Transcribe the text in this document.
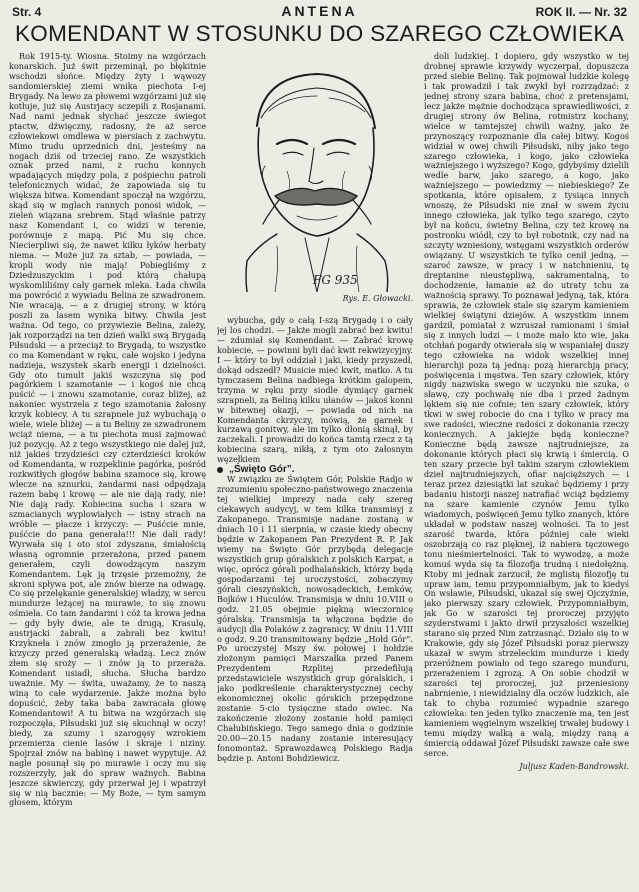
Str. 4	ANTENA	ROK II. — Nr. 32
KOMENDANT W STOSUNKU DO SZAREGO CZŁOWIEKA

Rok 1915-ty. Wiosna. Stoimy na wzgórzach konarskich. Już świt przeminął, po błękitnie wschodzi słońce. Między żyty i wąwozy sandomierskiej ziemi wnika piechota I-ej Brygady. Na lewo za płowemi wzgórzami już się kotłuje, już się Austrjacy sczepili z Rosjanami. Nad nami jednak słychać jeszcze świegot ptactw, dźwięczny, radosny, że aż serce człowiekowi omdlewa w piersiach z zachwytu. Mimo trudu uprzednich dni, jesteśmy na nogach dziś od trzeciej rano. Ze wszystkich oznak przed nami, z ruchu konnych wpadających między pola, z pośpiechu patroli telefonicznych widać, że zapowiada się tu większa bitwa. Komendant spoczął na wzgórzu, skąd się w mglach rannych ponosi widok, — zieleń wiązana srebrem. Stąd właśnie patrzy nasz Komendant i, co widzi w terenie, porównuje z mapą. Pić Mu się chce. Niecierpliwi się, że nawet kilku łyków herbaty niema. — Może już za sztab, — powiada, — kropli wody nie mają! Pobiegliśmy z Dziedzuszyckim i pod którą chałupą wyskomliliśmy cały garnek mleka. Łada chwila ma powrócić z wywiadu Belina ze szwadronem. Nie wracają, — a z drugiej strony, w którą poszli za lasem wynika bitwy. Chwila jest ważna. Od tego, co przywiezie Belina, zależy, jak rozporządzi na ten dzień walki swą Brygadą Piłsudski — a przeciąż to Brygadą, to wszystko co ma Komendant w ręku, całe wojsko i jedyna nadzieja, wszystek skarb energji i dzielności. Gdy oto tumult jakiś wszczyna się pod pagórkiem i szamotanie — i kogoś nie chcą puścić — i znowu szamotanie, coraz bliżej, aż nakoniec wystrzela z tego szamotania żałosny krzyk kobiecy. A tu szrapnele już wybuchają o wiele, wiele bliżej — a tu Beliny ze szwadronem wciąż niema, — a tu piechota musi zajmować już pozycję. Aż z tego wszystkiego nie dalej już, niż jakieś trzydzieści czy czterdzieści kroków od Komendanta, w rozpeklinie pagórka, pośród rozkwitłych głogów babina szamoce się, krowę wlecze na sznurku, żandarmi nasi odpędzają razem babę i krowę — ale nie dają rady, nie! Nie dają rady. Kobiecina sucha i szara w szmacianych wyplowiałych — istny strach na wróble — płacze i krzyczy: — Puśćcie mnie, puśćcie do pana generała!!! Nie dali rady! Wyrwała się i oto stoi zdyszana, śmiałością własną ogromnie przerażona, przed panem generałem, czyli dowodzącym naszym Komendantem. Lęk ją trzęsie przemożny, że skroni spływa pot, ale znów bierze na odwagę. Co się przelękanie generalskiej władzy, w sercu mundurze leżącej na murawie, to się znowu ośmiela. Co tam żandarmi i cóż ta krowa jedna — gdy były dwie, ale te drugą, Krasulę, austrjacki żabrali, a zabrali bez kwitu! Krzykneła i znów zmogło ją przerażenie, że krzyczy przed generalską władzą. Lecz znów złem się sroży — i znów ją to przeraża. Komendant usiadł, słucha. Słucha bardzo uważnie. My — świta, uważamy, że to naszą winą to całe wydarzenie. Jakże można było dopuścić, żeby taka baba zawracała głowę Komendantowi! A tu bitwa na wzgórzach się rozpoczęła, Piłsudski już się skuchnął w oczy! biedy, za szumy i szarogęsy wzrokiem przemierza cienie lasów i skraje i niziny. Spojrzał znów na babinę i nawet wypytuje. Aż nagle posunął się po murawie i oczy mu się rozszerzyły, jak do spraw ważnych. Babina jeszcze skwierczy, gdy przerwał jej i wpatrzył się w nią bacznie: — My Boże, — tym samym głosem, którym

FG 935
Rys. E. Głowacki.

wybucha, gdy o całą I-szą Brygadę i o cały jej los chodzi. — Jakże mogli zabrać bez kwitu! — zdumiał się Komendant. — Zabrać krowę kobiecie, — powinni byli dać kwit rekwizycyjny. I — który to był oddział i jaki, kiedy przyszedł, dokąd odszedł? Musicie mieć kwit, matko. A tu tymczasem Belina nadbiega krótkim galopem, trzyma w ręku przy siodle dymiący garnek szrapneli, za Beliną kilku ułanów — jakoś konni w bitewnej okazji, — powiada od nich na Komendanta ckrzyczy, mówią, że garnek i kurzawą gonitwy, ale im tylko dłonią skinął, by zaczekali. I prowadzi do końca tamtą rzecz z tą kobiecina szarą, nikłą, z tym oto żałosnym węzełkiem

„Święto Gór”.

W związku ze Świętem Gór, Polskie Radjo w zrozumieniu społeczno-państwowego znaczenia tej wielkiej imprezy nada cały szereg ciekawych audycyj, w tem kilka transmisyj z Zakopanego. Transmisje nadane zostaną w dniach 10 i 11 sierpnia, w czasie kiedy obecny będzie w Zakopanem Pan Prezydent R. P. Jak wiemy na Święto Gór przybędą delegacje wszystkich grup góralskich z polskich Karpat, a więc, oprócz górali podhalańskich, którzy będą gospodarzami tej uroczystości, zobaczymy górali cieszyńskich, nowosądeckich, Łemków, Bojków i Huculów. Transmisja w dniu 10.VIII o godz. 21.05 obejmie piękną wieczornicę góralską. Transmisja ta włączona będzie do audycji dla Polaków z zagranicy. W dniu 11.VIII o godz. 9.20 transmitowany będzie „Hołd Gór”. Po uroczystej Mszy św. połowej i hołdzie złożonym pamięci Marszałka przed Panem Prezydentem Rzplitej przedefilują przedstawiciele wszystkich grup góralskich, i jako podkreślenie charakterystycznej cechy ekonomicznej okolic górskich przepędzone zostanie 5-cio tysięczne stado owiec. Na zakończenie złożony zostanie hołd pamięci Chałubińskiego. Tego samego dnia o godzinie 20.00—20.15 nadany zostanie interesujący fonomontaż. Sprawozdawcą Polskiego Radja będzie p. Antoni Bohdziewicz.

doli ludzkiej. I dopiero, gdy wszystko w tej drobnej sprawie krzywdy wyczerpał, dopuszcza przed siebie Belinę. Tak pojmował ludzkie kolegę i tak prowadził i tak zwykł był rozrządzać: z jednej strony szara babina, choć z pretensjami, lecz jakże mężnie dochodząca sprawiedliwości, z drugiej strony ów Belina, rotmistrz kochany, wielce w tamtejszej chwili ważny, jako że przynoszący rozpoznanie dla całej bitwy. Kogoś widział w owej chwili Piłsudski, niby jako tego szarego człowieka, i kogo, jako człowieka ważniejszego i wyższego? Kogo, gdybyśmy dzielili wedle barw, jako szarego, a kogo, jako ważniejszego — powiedzmy — niebieskiego? Ze spotkania, które opisałem, z tysiąca innych wnoszę, że Piłsudski nie znał w swem życiu innego człowieka, jak tylko tego szarego, czyto był na końcu, świetny Belina, czy też krowę na postronku wiódł, czy to był robotnik, czy nad na szczyty wzniesiony, wstęgami wszystkich orderów owiązany. U wszystkich te tylko cenił jedną, — szaroć zawsze, w pracy i w natchnieniu, tę dreptanine nieustępliwą, sakramentalną, to dochodzenie, łamanie aż do utraty tchu za ważnością sprawy. To poznawał jedyną, tak, która sprawia, że człowiek stale się szarym kamieniem wielkiej świątyni dziejów. A wszystkim innem gardził, pomiatał z wzruszał ramionami i śmiał się z innych ludzi — i może mało kto wie, jaka otchłań pogardy otwierała się w wspaniałej duszy tego człowieka na widok wszelkiej innej hierarchji poza tą jedną: pozą hierarchją pracy, poświęcenia i męstwa. Ten szary człowiek, który nigdy nazwiska swego w uczynku nie szuka, o sławę, czy pochwałę nie dba i przed żadnym lękiem się nie cofnie; ten szary człowiek, który tkwi w swej robocie do cna i tylko w pracy ma swe radości, wieczne radości z dokonania rzeczy koniecznych. A jakiejże będą konieczne? Konieczne będą zawsze najtrudniejsze, za dokonanie których płaci się krwią i śmiercią. O ten szary przecie był takim szarym człowiekiem dzieł najtrudniejszych, ofiar najcięższych — i teraz przez dziesiątki lat szukać będziemy i przy badaniu historji naszej natrafiać wciąż będziemy na szare kamienie czynów Jemu tylko wiadomych, poświęceń Jemu tylko znanych, które układał w podstaw naszej wolności. Ta to jest szarość twarda, która później całe wieki oszobrzają co raz pięknej, iż nabiera tęczowego tonu nieśmiertelności. Tak to wywodzę, a może komuś wyda się ta filozofja trudną i niedołężną. Ktoby mi jednak zarzucił, że mglistą filozofję tu upraw iam, temu przypomniałbym, jak to kiedyś On wsławie, Piłsudski, ukazał się swej Ojczyźnie, jako pierwszy szary człowiek. Przypomniałbym, jak Go w szarości tej proroczej przyjęto szyderstwami i jakto drwił przyszłości wszelkiej starano się przed Nim zatrzasnąć. Działo się to w Krakowie, gdy się Józef Piłsudski poraz pierwszy ukazał w swym strzeleckim mundurze i kiedy przeróżnem powiało od tego szarego munduru, przerażeniem i zgrozą. A On sobie chodził w szarości tej proroczej, już przeniesiony nabrnienie, i niewidzialny dla oczów ludzkich, ale tak to chyba rozumieć wypadnie szarego człowieka: ten jeden tylko znaczenie ma, ten jest kamieniem węgielnym wszelkiej trwałej budowy i temu między walką a walą, między raną a śmiercią oddawał Józef Piłsudski zawsze całe swe serce.

Juljusz Kaden-Bandrowski.
